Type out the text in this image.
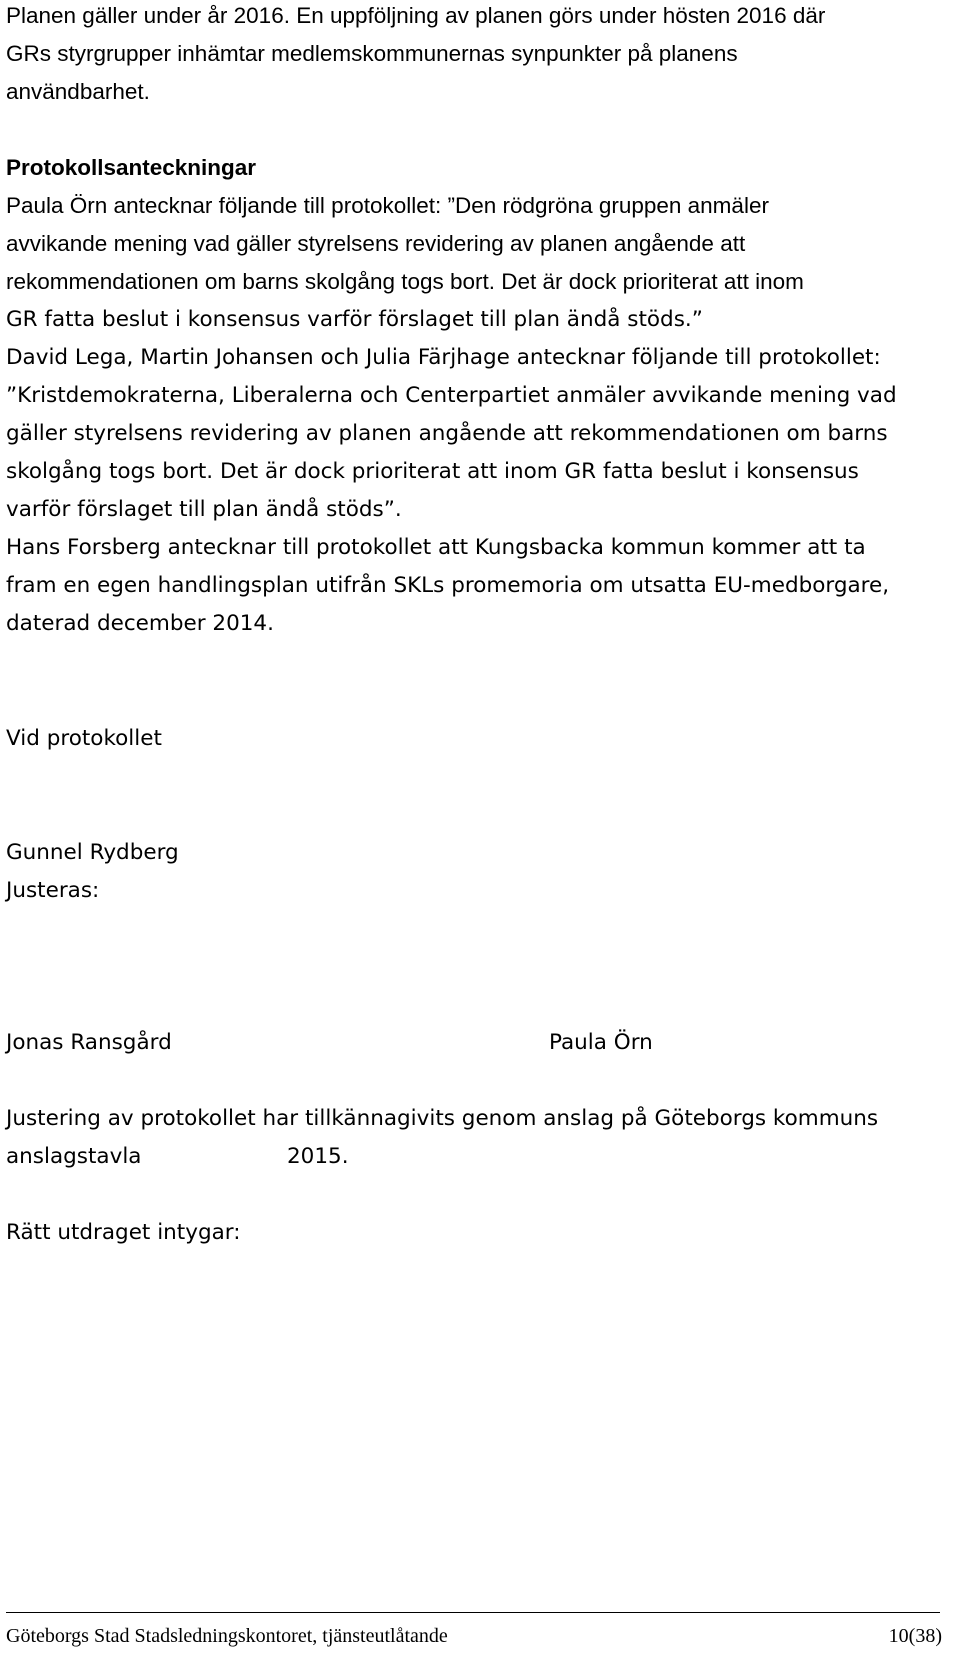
Planen gäller under år 2016. En uppföljning av planen görs under hösten 2016 där
GRs styrgrupper inhämtar medlemskommunernas synpunkter på planens
användbarhet.
Protokollsanteckningar
Paula Örn antecknar följande till protokollet: ”Den rödgröna gruppen anmäler
avvikande mening vad gäller styrelsens revidering av planen angående att
rekommendationen om barns skolgång togs bort. Det är dock prioriterat att inom
GR fatta beslut i konsensus varför förslaget till plan ändå stöds.”
David Lega, Martin Johansen och Julia Färjhage antecknar följande till protokollet:
”Kristdemokraterna, Liberalerna och Centerpartiet anmäler avvikande mening vad
gäller styrelsens revidering av planen angående att rekommendationen om barns
skolgång togs bort. Det är dock prioriterat att inom GR fatta beslut i konsensus
varför förslaget till plan ändå stöds”.
Hans Forsberg antecknar till protokollet att Kungsbacka kommun kommer att ta
fram en egen handlingsplan utifrån SKLs promemoria om utsatta EU-medborgare,
daterad december 2014.
Vid protokollet
Gunnel Rydberg
Justeras:
Jonas Ransgård	Paula Örn
Justering av protokollet har tillkännagivits genom anslag på Göteborgs kommuns
anslagstavla	2015.
Rätt utdraget intygar:
Göteborgs Stad Stadsledningskontoret, tjänsteutlåtande	10(38)
